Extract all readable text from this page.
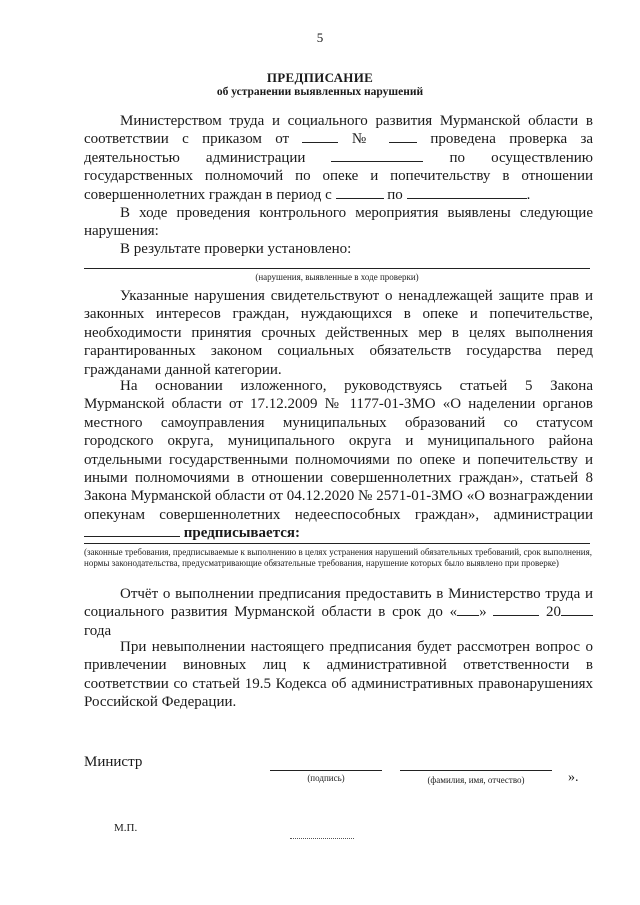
5
ПРЕДПИСАНИЕ
об устранении выявленных нарушений

Министерством труда и социального развития Мурманской области в соответствии с приказом от	№	проведена проверка за деятельностью администрации	по осуществлению государственных полномочий по опеке и попечительству в отношении совершеннолетних граждан в период с	по	.

В ходе проведения контрольного мероприятия выявлены следующие нарушения:

В результате проверки установлено:

(нарушения, выявленные в ходе проверки)

Указанные нарушения свидетельствуют о ненадлежащей защите прав и законных интересов граждан, нуждающихся в опеке и попечительстве, необходимости принятия срочных действенных мер в целях выполнения гарантированных законом социальных обязательств государства перед гражданами данной категории.

На основании изложенного, руководствуясь статьей 5 Закона Мурманской области от 17.12.2009 № 1177-01-ЗМО «О наделении органов местного самоуправления муниципальных образований со статусом городского округа, муниципального округа и муниципального района отдельными государственными полномочиями по опеке и попечительству и иными полномочиями в отношении совершеннолетних граждан», статьей 8 Закона Мурманской области от 04.12.2020 № 2571-01-ЗМО «О вознаграждении опекунам совершеннолетних недееспособных граждан», администрации  предписывается:

(законные требования, предписываемые к выполнению в целях устранения нарушений обязательных требований, срок выполнения, нормы законодательства, предусматривающие обязательные требования, нарушение которых было выявлено при проверке)

Отчёт о выполнении предписания предоставить в Министерство труда и социального развития Мурманской области в срок до « »	20 года

При невыполнении настоящего предписания будет рассмотрен вопрос о привлечении виновных лиц к административной ответственности в соответствии со статьей 19.5 Кодекса об административных правонарушениях Российской Федерации.

Министр
(подпись)	(фамилия, имя, отчество)	».
М.П.
